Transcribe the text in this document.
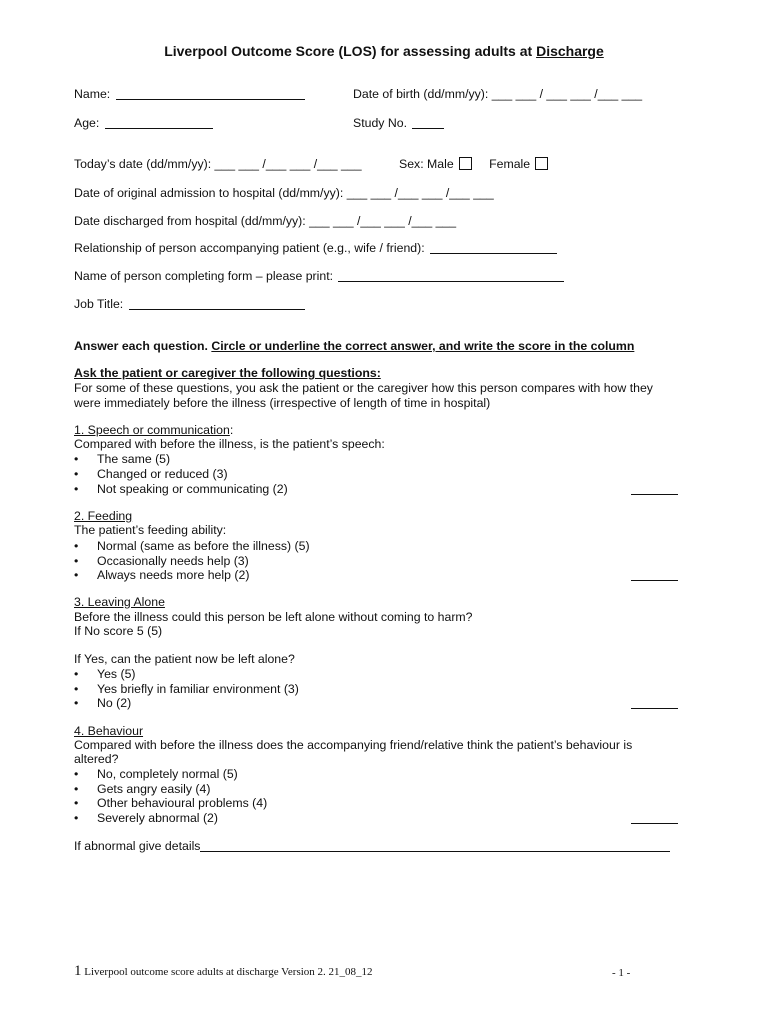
Liverpool Outcome Score (LOS) for assessing adults at Discharge
Name:	Date of birth (dd/mm/yy): ___ ___ / ___ ___ /___ ___
Age:	Study No.
Today’s date (dd/mm/yy): ___ ___ /___ ___ /___ ___	Sex: Male	Female
Date of original admission to hospital (dd/mm/yy): ___ ___ /___ ___ /___ ___
Date discharged from hospital (dd/mm/yy): ___ ___ /___ ___ /___ ___
Relationship of person accompanying patient (e.g., wife / friend):
Name of person completing form – please print:
Job Title:
Answer each question. Circle or underline the correct answer, and write the score in the column
Ask the patient or caregiver the following questions:
For some of these questions, you ask the patient or the caregiver how this person compares with how they
were immediately before the illness (irrespective of length of time in hospital)
1. Speech or communication:
Compared with before the illness, is the patient’s speech:
• The same (5)
• Changed or reduced (3)
• Not speaking or communicating (2)
2. Feeding
The patient’s feeding ability:
• Normal (same as before the illness) (5)
• Occasionally needs help (3)
• Always needs more help (2)
3. Leaving Alone
Before the illness could this person be left alone without coming to harm?
If No score 5 (5)
If Yes, can the patient now be left alone?
• Yes (5)
• Yes briefly in familiar environment (3)
• No (2)
4. Behaviour
Compared with before the illness does the accompanying friend/relative think the patient’s behaviour is
altered?
• No, completely normal (5)
• Gets angry easily (4)
• Other behavioural problems (4)
• Severely abnormal (2)
If abnormal give details
1 Liverpool outcome score adults at discharge Version 2. 21_08_12	- 1 -
